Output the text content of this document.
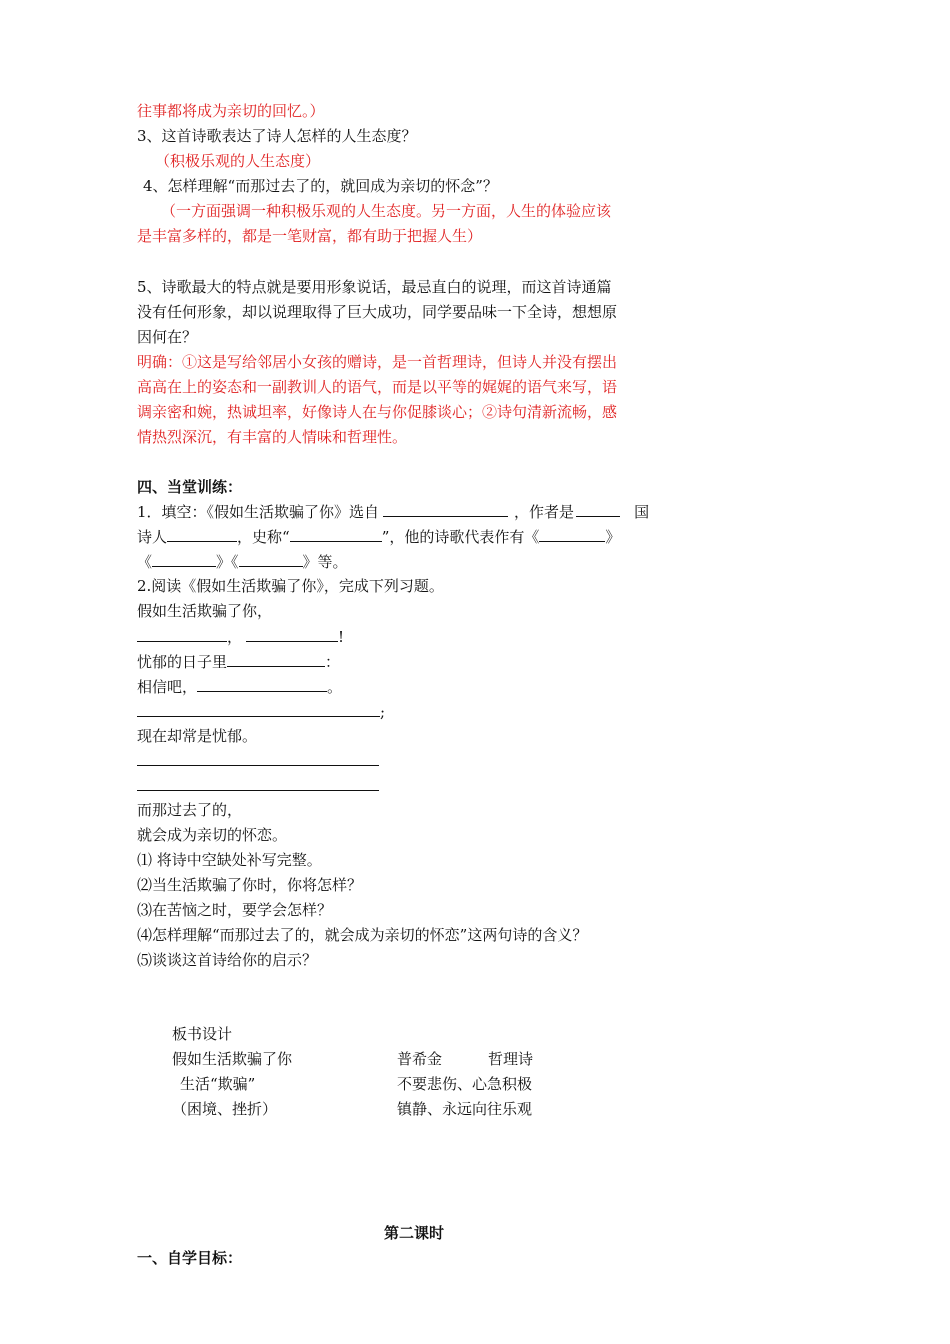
往事都将成为亲切的回忆。）
3、这首诗歌表达了诗人怎样的人生态度？
（积极乐观的人生态度）
4、怎样理解“而那过去了的，就回成为亲切的怀念”？
（一方面强调一种积极乐观的人生态度。另一方面，人生的体验应该
是丰富多样的，都是一笔财富，都有助于把握人生）
5、诗歌最大的特点就是要用形象说话，最忌直白的说理，而这首诗通篇
没有任何形象，却以说理取得了巨大成功，同学要品味一下全诗，想想原
因何在？
明确：①这是写给邻居小女孩的赠诗，是一首哲理诗，但诗人并没有摆出
高高在上的姿态和一副教训人的语气，而是以平等的娓娓的语气来写，语
调亲密和婉，热诚坦率，好像诗人在与你促膝谈心；②诗句清新流畅，感
情热烈深沉，有丰富的人情味和哲理性。
四、当堂训练：
1．填空：《假如生活欺骗了你》选自	，作者是	国
诗人	，史称“	”，他的诗歌代表作有《	》
《	》《	》等。
2.阅读《假如生活欺骗了你》，完成下列习题。
假如生活欺骗了你，
，	!
忧郁的日子里	：
相信吧，	。
;
现在却常是忧郁。
而那过去了的，
就会成为亲切的怀恋。
⑴ 将诗中空缺处补写完整。
⑵当生活欺骗了你时，你将怎样？
⑶在苦恼之时，要学会怎样？
⑷怎样理解“而那过去了的，就会成为亲切的怀恋”这两句诗的含义？
⑸谈谈这首诗给你的启示？
板书设计
假如生活欺骗了你	普希金	哲理诗
生活“欺骗”	不要悲伤、心急积极
（困境、挫折）	镇静、永远向往乐观
第二课时
一、自学目标：
